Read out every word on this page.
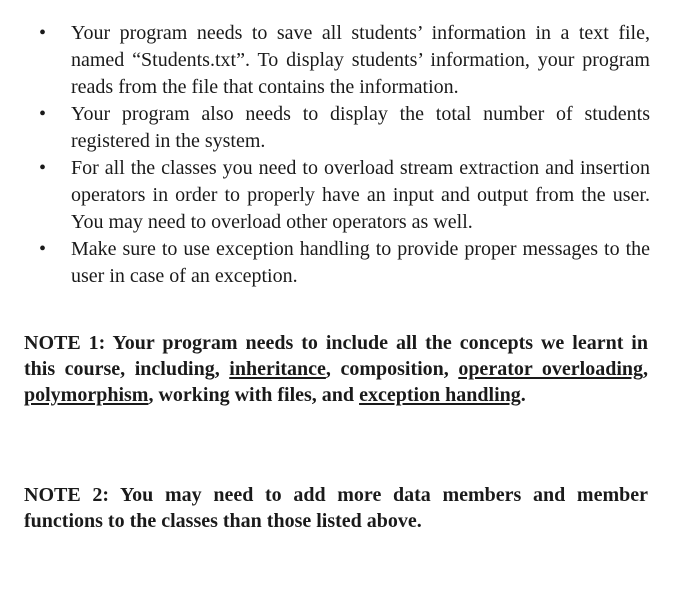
• Your program needs to save all students’ information in a text file, named “Students.txt”. To display students’ information, your program reads from the file that contains the information.
• Your program also needs to display the total number of students registered in the system.
• For all the classes you need to overload stream extraction and insertion operators in order to properly have an input and output from the user. You may need to overload other operators as well.
• Make sure to use exception handling to provide proper messages to the user in case of an exception.

NOTE 1: Your program needs to include all the concepts we learnt in this course, including, inheritance, composition, operator overloading, polymorphism, working with files, and exception handling.

NOTE 2: You may need to add more data members and member functions to the classes than those listed above.
